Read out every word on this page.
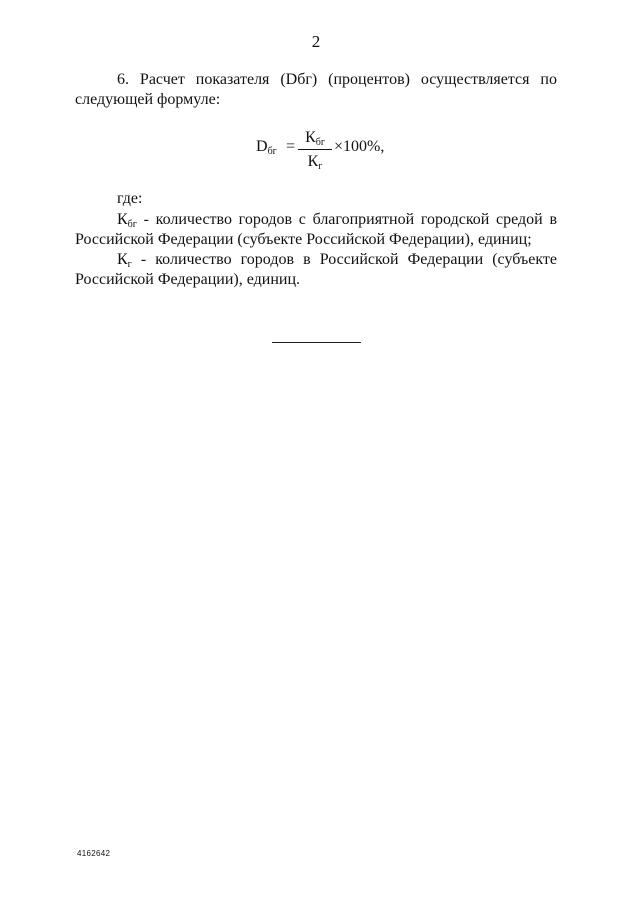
2
6. Расчет показателя (Dбг) (процентов) осуществляется по следующей формуле:
$D_{бг}$ =
$К_{бг}$
$К_г$
×100%,
где:
$К_{бг}$ - количество городов с благоприятной городской средой в Российской Федерации (субъекте Российской Федерации), единиц;
$К_г$ - количество городов в Российской Федерации (субъекте Российской Федерации), единиц.
4162642
